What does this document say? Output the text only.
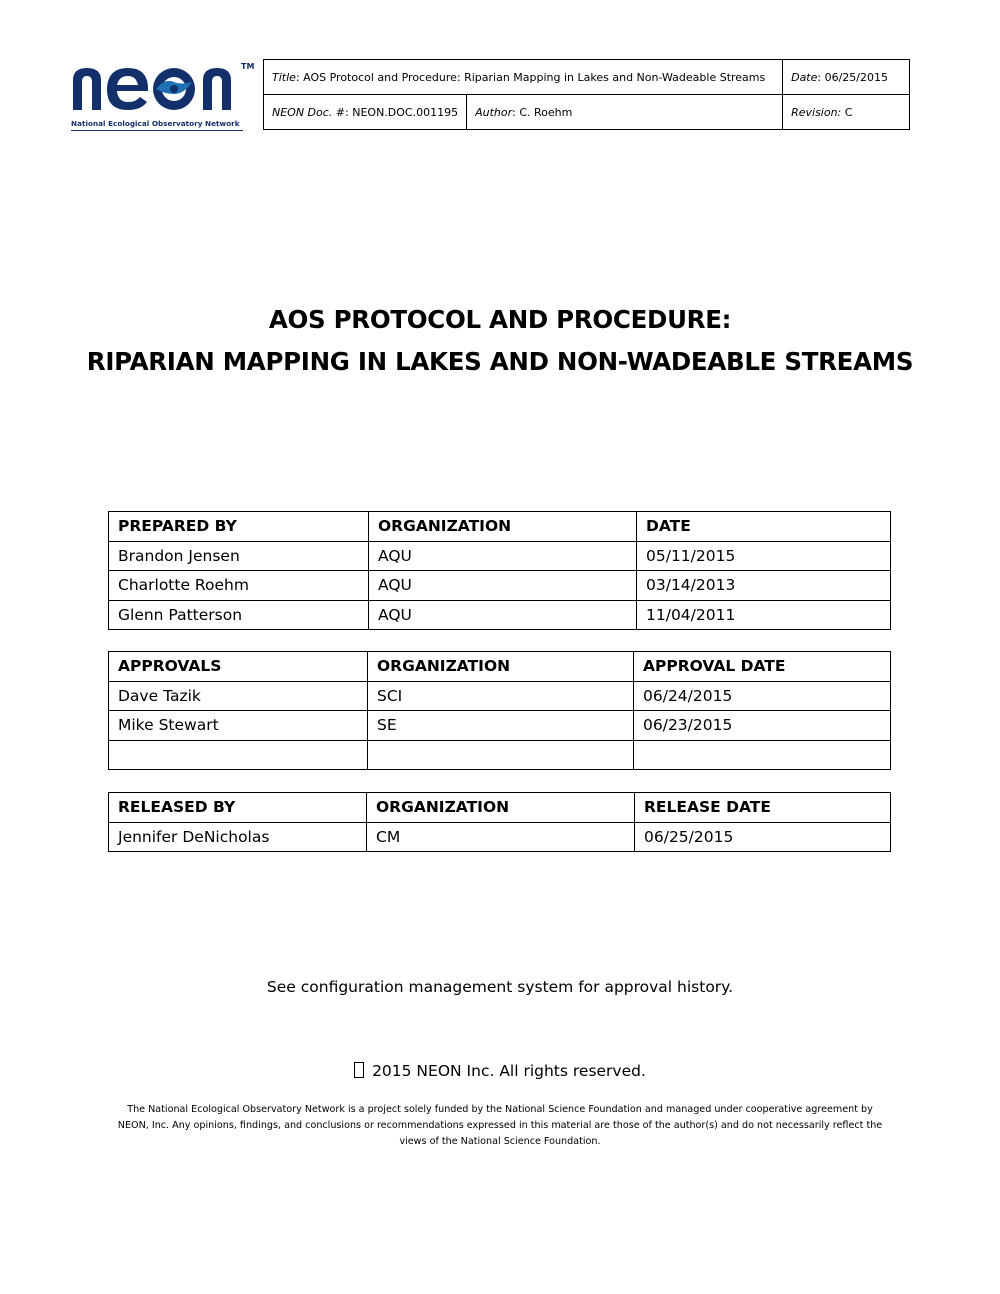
TM
National Ecological Observatory Network
Title: AOS Protocol and Procedure: Riparian Mapping in Lakes and Non-Wadeable Streams		Date: 06/25/2015
NEON Doc. #: NEON.DOC.001195	Author: C. Roehm	Revision: C
AOS PROTOCOL AND PROCEDURE:
RIPARIAN MAPPING IN LAKES AND NON-WADEABLE STREAMS
PREPARED BY	ORGANIZATION	DATE
Brandon Jensen	AQU	05/11/2015
Charlotte Roehm	AQU	03/14/2013
Glenn Patterson	AQU	11/04/2011
APPROVALS	ORGANIZATION	APPROVAL DATE
Dave Tazik	SCI	06/24/2015
Mike Stewart	SE	06/23/2015

RELEASED BY	ORGANIZATION	RELEASE DATE
Jennifer DeNicholas	CM	06/25/2015
See configuration management system for approval history.
2015 NEON Inc. All rights reserved.
The National Ecological Observatory Network is a project solely funded by the National Science Foundation and managed under cooperative agreement by NEON, Inc. Any opinions, findings, and conclusions or recommendations expressed in this material are those of the author(s) and do not necessarily reflect the views of the National Science Foundation.
